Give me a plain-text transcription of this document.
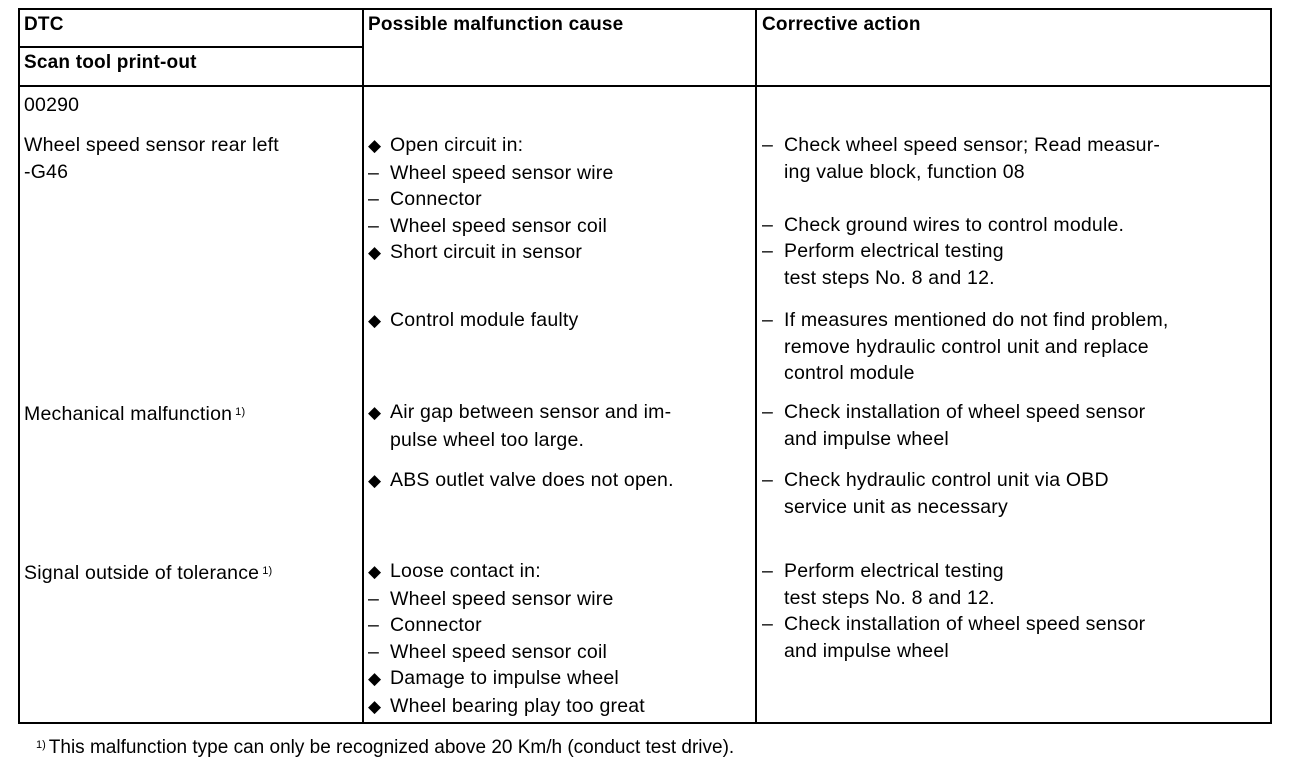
DTC
Scan tool print-out
Possible malfunction cause	Corrective action
00290
Wheel speed sensor rear left
-G46
Mechanical malfunction $^{1)}$
Signal outside of tolerance $^{1)}$
◆ Open circuit in:
– Wheel speed sensor wire
– Connector
– Wheel speed sensor coil
◆ Short circuit in sensor
◆ Control module faulty
◆ Air gap between sensor and im-
pulse wheel too large.
◆ ABS outlet valve does not open.
◆ Loose contact in:
– Wheel speed sensor wire
– Connector
– Wheel speed sensor coil
◆ Damage to impulse wheel
◆ Wheel bearing play too great
– Check wheel speed sensor; Read measur-
ing value block, function 08

– Check ground wires to control module.
– Perform electrical testing
test steps No. 8 and 12.
– If measures mentioned do not find problem,
remove hydraulic control unit and replace
control module
– Check installation of wheel speed sensor
and impulse wheel
– Check hydraulic control unit via OBD
service unit as necessary
– Perform electrical testing
test steps No. 8 and 12.
– Check installation of wheel speed sensor
and impulse wheel
$^{1)}$ This malfunction type can only be recognized above 20 Km/h (conduct test drive).
